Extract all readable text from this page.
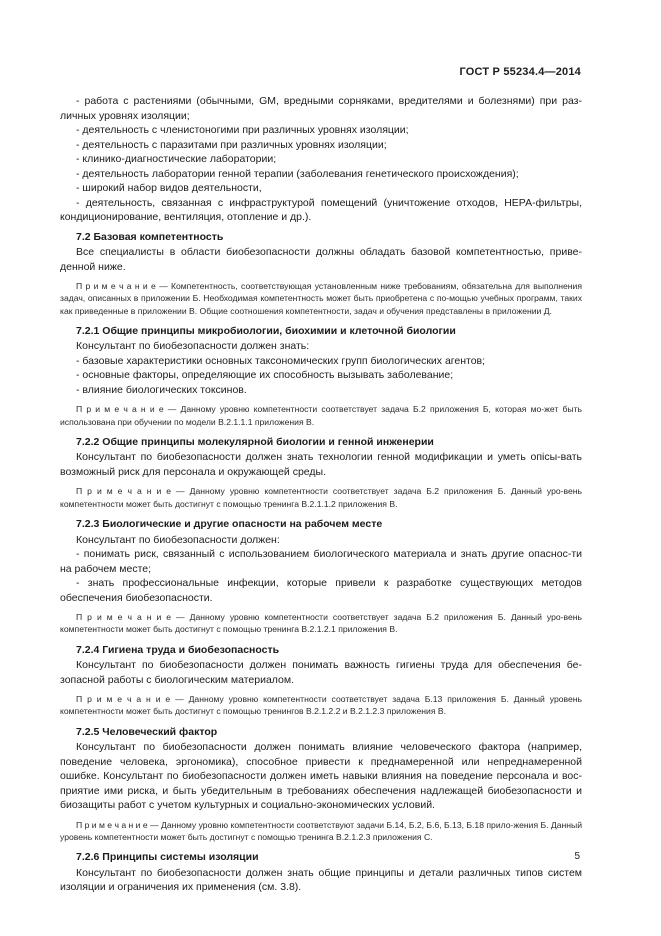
ГОСТ Р 55234.4—2014

- работа с растениями (обычными, GM, вредными сорняками, вредителями и болезнями) при раз-личных уровнях изоляции;

- деятельность с членистоногими при различных уровнях изоляции;

- деятельность с паразитами при различных уровнях изоляции;

- клинико-диагностические лаборатории;

- деятельность лаборатории генной терапии (заболевания генетического происхождения);

- широкий набор видов деятельности,

- деятельность, связанная с инфраструктурой помещений (уничтожение отходов, НЕРА-фильтры, кондиционирование, вентиляция, отопление и др.).

7.2 Базовая компетентность

Все специалисты в области биобезопасности должны обладать базовой компетентностью, приве-денной ниже.

П р и м е ч а н и е — Компетентность, соответствующая установленным ниже требованиям, обязательна для выполнения задач, описанных в приложении Б. Необходимая компетентность может быть приобретена с по-мощью учебных программ, таких как приведенные в приложении В. Общие соотношения компетентности, задач и обучения представлены в приложении Д.

7.2.1 Общие принципы микробиологии, биохимии и клеточной биологии

Консультант по биобезопасности должен знать:

- базовые характеристики основных таксономических групп биологических агентов;

- основные факторы, определяющие их способность вызывать заболевание;

- влияние биологических токсинов.

П р и м е ч а н и е — Данному уровню компетентности соответствует задача Б.2 приложения Б, которая мо-жет быть использована при обучении по модели В.2.1.1.1 приложения В.

7.2.2 Общие принципы молекулярной биологии и генной инженерии

Консультант по биобезопасности должен знать технологии генной модификации и уметь опісы-вать возможный риск для персонала и окружающей среды.

П р и м е ч а н и е — Данному уровню компетентности соответствует задача Б.2 приложения Б. Данный уро-вень компетентности может быть достигнут с помощью тренинга В.2.1.1.2 приложения В.

7.2.3 Биологические и другие опасности на рабочем месте

Консультант по биобезопасности должен:

- понимать риск, связанный с использованием биологического материала и знать другие опаснос-ти на рабочем месте;

- знать профессиональные инфекции, которые привели к разработке существующих методов обеспечения биобезопасности.

П р и м е ч а н и е — Данному уровню компетентности соответствует задача Б.2 приложения Б. Данный уро-вень компетентности может быть достигнут с помощью тренинга В.2.1.2.1 приложения В.

7.2.4 Гигиена труда и биобезопасность

Консультант по биобезопасности должен понимать важность гигиены труда для обеспечения бе-зопасной работы с биологическим материалом.

П р и м е ч а н и е — Данному уровню компетентности соответствует задача Б.13 приложения Б. Данный уровень компетентности может быть достигнут с помощью тренингов В.2.1.2.2 и В.2.1.2.3 приложения В.

7.2.5 Человеческий фактор

Консультант по биобезопасности должен понимать влияние человеческого фактора (например, поведение человека, эргономика), способное привести к преднамеренной или непреднамеренной ошибке. Консультант по биобезопасности должен иметь навыки влияния на поведение персонала и вос-приятие ими риска, и быть убедительным в требованиях обеспечения надлежащей биобезопасности и биозащиты работ с учетом культурных и социально-экономических условий.

П р и м е ч а н и е — Данному уровню компетентности соответствуют задачи Б.14, Б.2, Б.6, Б.13, Б.18 прило-жения Б. Данный уровень компетентности может быть достигнут с помощью тренинга В.2.1.2.3 приложения С.

7.2.6 Принципы системы изоляции

Консультант по биобезопасности должен знать общие принципы и детали различных типов систем изоляции и ограничения их применения (см. 3.8).

5
